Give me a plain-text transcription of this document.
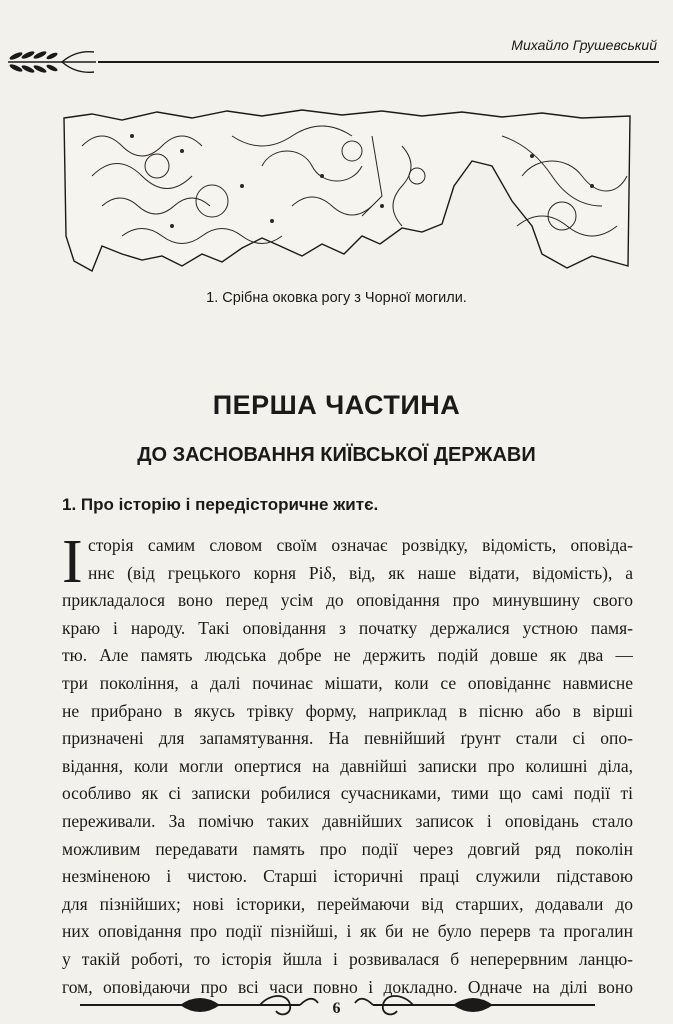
Михайло Грушевський
1. Срібна оковка рогу з Чорної могили.
ПЕРША ЧАСТИНА
ДО ЗАСНОВАННЯ КИЇВСЬКОЇ ДЕРЖАВИ
1. Про історію і передісторичне житє.
І сторія самим словом своїм означає розвідку, відомість, оповіда-
ннє (від грецького корня Ріδ, від, як наше відати, відомість), а
прикладалося воно перед усім до оповідання про минувшину свого
краю і народу. Такі оповідання з початку держалися устною памя-
тю. Але память людська добре не держить подій довше як два —
три покоління, а далі починає мішати, коли се оповіданнє навмисне
не прибрано в якусь трівку форму, наприклад в пісню або в вірші
призначені для запамятування. На певнійший ґрунт стали сі опо-
відання, коли могли опертися на давнійші записки про колишні діла,
особливо як сі записки робилися сучасниками, тими що самі події ті
переживали. За помічю таких давнійших записок і оповідань стало
можливим передавати память про події через довгий ряд поколін
незміненою і чистою. Старші історичні праці служили підставою
для пізнійших; нові історики, переймаючи від старших, додавали до
них оповідання про події пізнійші, і як би не було перерв та прогалин
у такій роботі, то історія йшла і розвивалася б неперервним ланцю-
гом, оповідаючи про всі часи повно і докладно. Одначе на ділі воно
6
